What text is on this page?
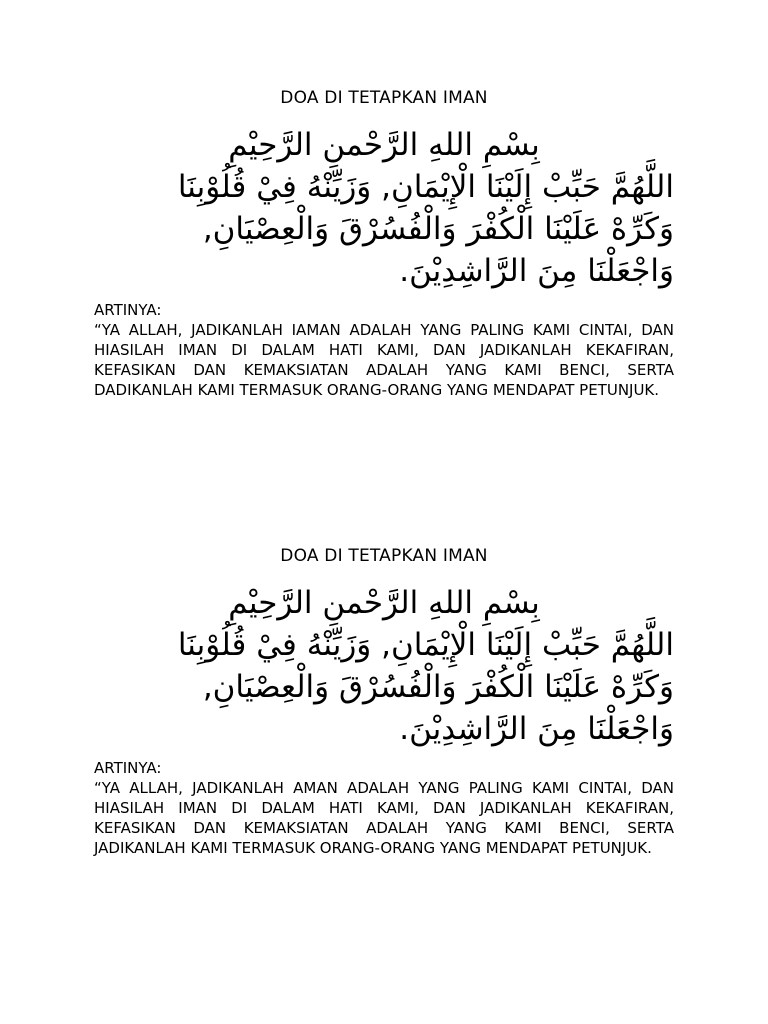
DOA DI TETAPKAN IMAN
بِسْمِ اللهِ الرَّحْمنِ الرَّحِيْمِ
اللَّهُمَّ حَبِّبْ إِلَيْنَا الْإِيْمَانِ, وَزَيِّنْهُ فِيْ قُلُوْبِنَا
وَكَرِّهْ عَلَيْنَا الْكُفْرَ وَالْفُسُرْقَ وَالْعِصْيَانِ,
وَاجْعَلْنَا مِنَ الرَّاشِدِيْنَ.
ARTINYA:

“YA ALLAH, JADIKANLAH IAMAN ADALAH YANG PALING KAMI CINTAI, DAN HIASILAH IMAN DI DALAM HATI KAMI, DAN JADIKANLAH KEKAFIRAN, KEFASIKAN DAN KEMAKSIATAN ADALAH YANG KAMI BENCI, SERTA DADIKANLAH KAMI TERMASUK ORANG-ORANG YANG MENDAPAT PETUNJUK.

DOA DI TETAPKAN IMAN
بِسْمِ اللهِ الرَّحْمنِ الرَّحِيْمِ
اللَّهُمَّ حَبِّبْ إِلَيْنَا الْإِيْمَانِ, وَزَيِّنْهُ فِيْ قُلُوْبِنَا
وَكَرِّهْ عَلَيْنَا الْكُفْرَ وَالْفُسُرْقَ وَالْعِصْيَانِ,
وَاجْعَلْنَا مِنَ الرَّاشِدِيْنَ.
ARTINYA:

“YA ALLAH, JADIKANLAH AMAN ADALAH YANG PALING KAMI CINTAI, DAN HIASILAH IMAN DI DALAM HATI KAMI, DAN JADIKANLAH KEKAFIRAN, KEFASIKAN DAN KEMAKSIATAN ADALAH YANG KAMI BENCI, SERTA JADIKANLAH KAMI TERMASUK ORANG-ORANG YANG MENDAPAT PETUNJUK.
